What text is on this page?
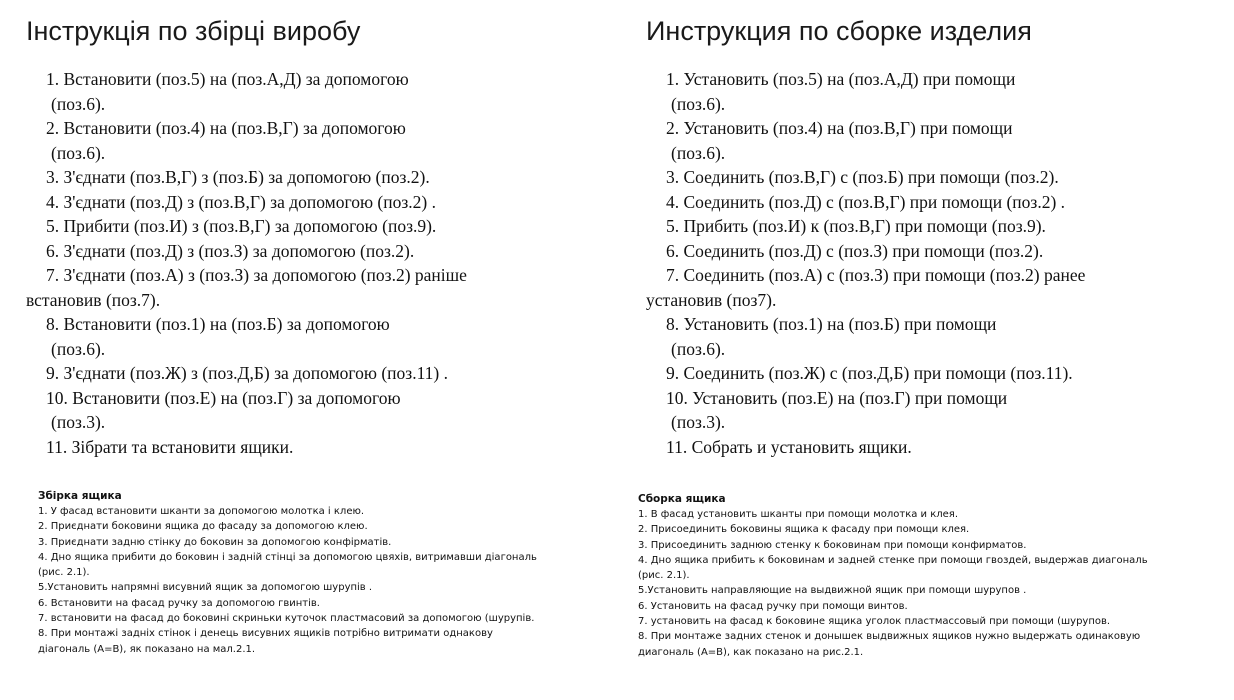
Інструкція по збірці виробу
1. Встановити (поз.5) на (поз.А,Д) за допомогою
(поз.6).
2. Встановити (поз.4) на (поз.В,Г) за допомогою
(поз.6).
3. З'єднати (поз.В,Г) з (поз.Б) за допомогою (поз.2).
4. З'єднати (поз.Д) з (поз.В,Г) за допомогою (поз.2) .
5. Прибити (поз.И) з (поз.В,Г) за допомогою (поз.9).
6. З'єднати (поз.Д) з (поз.З) за допомогою (поз.2).
7. З'єднати (поз.А) з (поз.З) за допомогою (поз.2) раніше
встановив (поз.7).
8. Встановити (поз.1) на (поз.Б) за допомогою
(поз.6).
9. З'єднати (поз.Ж) з (поз.Д,Б) за допомогою (поз.11) .
10. Встановити (поз.Е) на (поз.Г) за допомогою
(поз.3).
11. Зібрати та встановити ящики.
Збірка ящика
1. У фасад встановити шканти за допомогою молотка і клею.
2. Приєднати боковини ящика до фасаду за допомогою клею.
3. Приєднати задню стінку до боковин за допомогою конфірматів.
4. Дно ящика прибити до боковин і задній стінці за допомогою цвяхів, витримавши діагональ
(рис. 2.1).
5.Установить напрямні висувний ящик за допомогою шурупів .
6. Встановити на фасад ручку за допомогою гвинтів.
7. встановити на фасад до боковині скриньки куточок пластмасовий за допомогою (шурупів.
8. При монтажі задніх стінок і денець висувних ящиків потрібно витримати однакову
діагональ (А=В), як показано на мал.2.1.
Инструкция по сборке изделия
1. Установить (поз.5) на (поз.А,Д) при помощи
(поз.6).
2. Установить (поз.4) на (поз.В,Г) при помощи
(поз.6).
3. Соединить (поз.В,Г) с (поз.Б) при помощи (поз.2).
4. Соединить (поз.Д) с (поз.В,Г) при помощи (поз.2) .
5. Прибить (поз.И) к (поз.В,Г) при помощи (поз.9).
6. Соединить (поз.Д) с (поз.З) при помощи (поз.2).
7. Соединить (поз.А) с (поз.З) при помощи (поз.2) ранее
установив (поз7).
8. Установить (поз.1) на (поз.Б) при помощи
(поз.6).
9. Соединить (поз.Ж) с (поз.Д,Б) при помощи (поз.11).
10. Установить (поз.Е) на (поз.Г) при помощи
(поз.3).
11. Собрать и установить ящики.
Сборка ящика
1. В фасад установить шканты при помощи молотка и клея.
2. Присоединить боковины ящика к фасаду при помощи клея.
3. Присоединить заднюю стенку к боковинам при помощи конфирматов.
4. Дно ящика прибить к боковинам и задней стенке при помощи гвоздей, выдержав диагональ
(рис. 2.1).
5.Установить направляющие на выдвижной ящик при помощи шурупов .
6. Установить на фасад ручку при помощи винтов.
7. установить на фасад к боковине ящика уголок пластмассовый при помощи (шурупов.
8. При монтаже задних стенок и донышек выдвижных ящиков нужно выдержать одинаковую
диагональ (А=В), как показано на рис.2.1.
